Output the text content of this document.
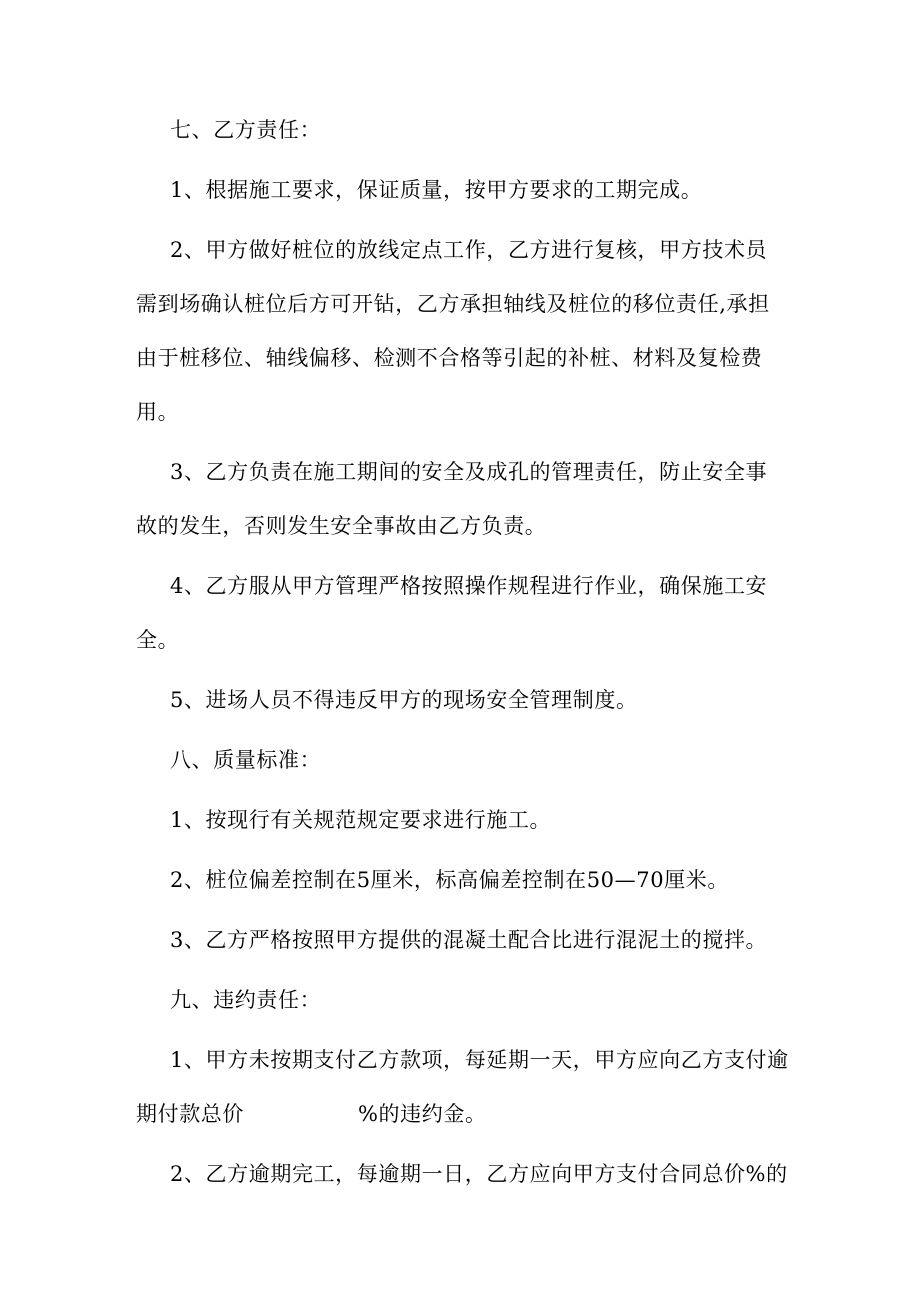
七、乙方责任：
1、根据施工要求，保证质量，按甲方要求的工期完成。
2、甲方做好桩位的放线定点工作，乙方进行复核，甲方技术员
需到场确认桩位后方可开钻，乙方承担轴线及桩位的移位责任,承担
由于桩移位、轴线偏移、检测不合格等引起的补桩、材料及复检费
用。
3、乙方负责在施工期间的安全及成孔的管理责任，防止安全事
故的发生，否则发生安全事故由乙方负责。
4、乙方服从甲方管理严格按照操作规程进行作业，确保施工安
全。
5、进场人员不得违反甲方的现场安全管理制度。
八、质量标准：
1、按现行有关规范规定要求进行施工。
2、桩位偏差控制在5厘米，标高偏差控制在50—70厘米。
3、乙方严格按照甲方提供的混凝土配合比进行混泥土的搅拌。
九、违约责任：
1、甲方未按期支付乙方款项，每延期一天，甲方应向乙方支付逾
期付款总价	%的违约金。
2、乙方逾期完工，每逾期一日，乙方应向甲方支付合同总价%的
